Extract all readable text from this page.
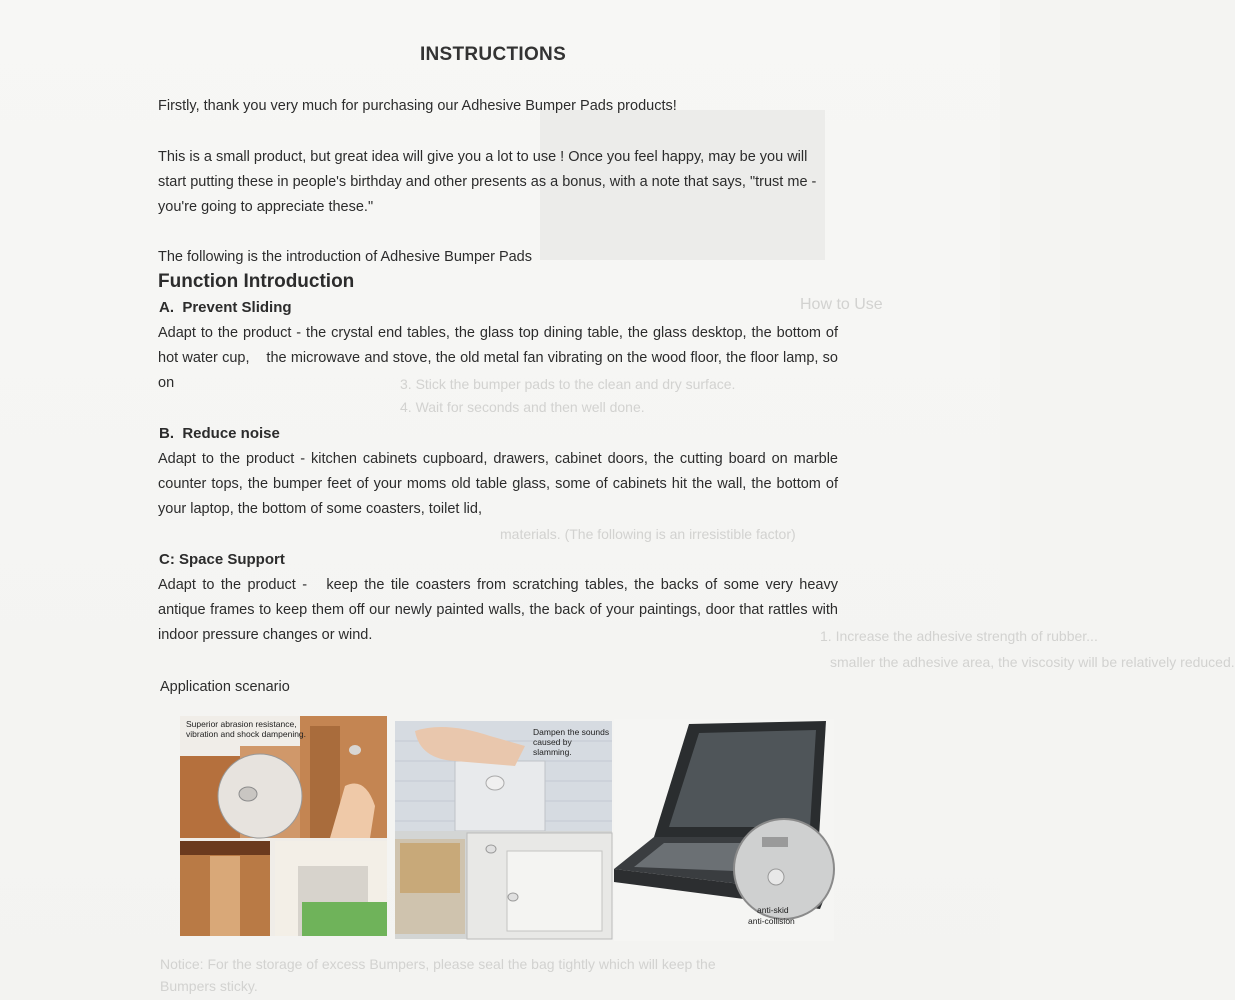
How to Use
3. Stick the bumper pads to the clean and dry surface.
4. Wait for seconds and then well done.
materials. (The following is an irresistible factor)
1. Increase the adhesive strength of rubber...
smaller the adhesive area, the viscosity will be relatively reduced.
Notice: For the storage of excess Bumpers, please seal the bag tightly which will keep the
Bumpers sticky.
INSTRUCTIONS
Firstly, thank you very much for purchasing our Adhesive Bumper Pads products!
This is a small product, but great idea will give you a lot to use ! Once you feel happy, may be you will start putting these in people's birthday and other presents as a bonus, with a note that says, "trust me - you're going to appreciate these."
The following is the introduction of Adhesive Bumper Pads
Function Introduction
A.  Prevent Sliding
Adapt to the product - the crystal end tables, the glass top dining table, the glass desktop, the bottom of hot water cup,    the microwave and stove, the old metal fan vibrating on the wood floor, the floor lamp, so on
B.  Reduce noise
Adapt to the product - kitchen cabinets cupboard, drawers, cabinet doors, the cutting board on marble counter tops, the bumper feet of your moms old table glass, some of cabinets hit the wall, the bottom of your laptop, the bottom of some coasters, toilet lid,
C: Space Support
Adapt to the product -   keep the tile coasters from scratching tables, the backs of some very heavy antique frames to keep them off our newly painted walls, the back of your paintings, door that rattles with indoor pressure changes or wind.
Application scenario
Superior abrasion resistance, vibration and shock dampening.	Dampen the sounds caused by slamming.
anti-skid
anti-collision
